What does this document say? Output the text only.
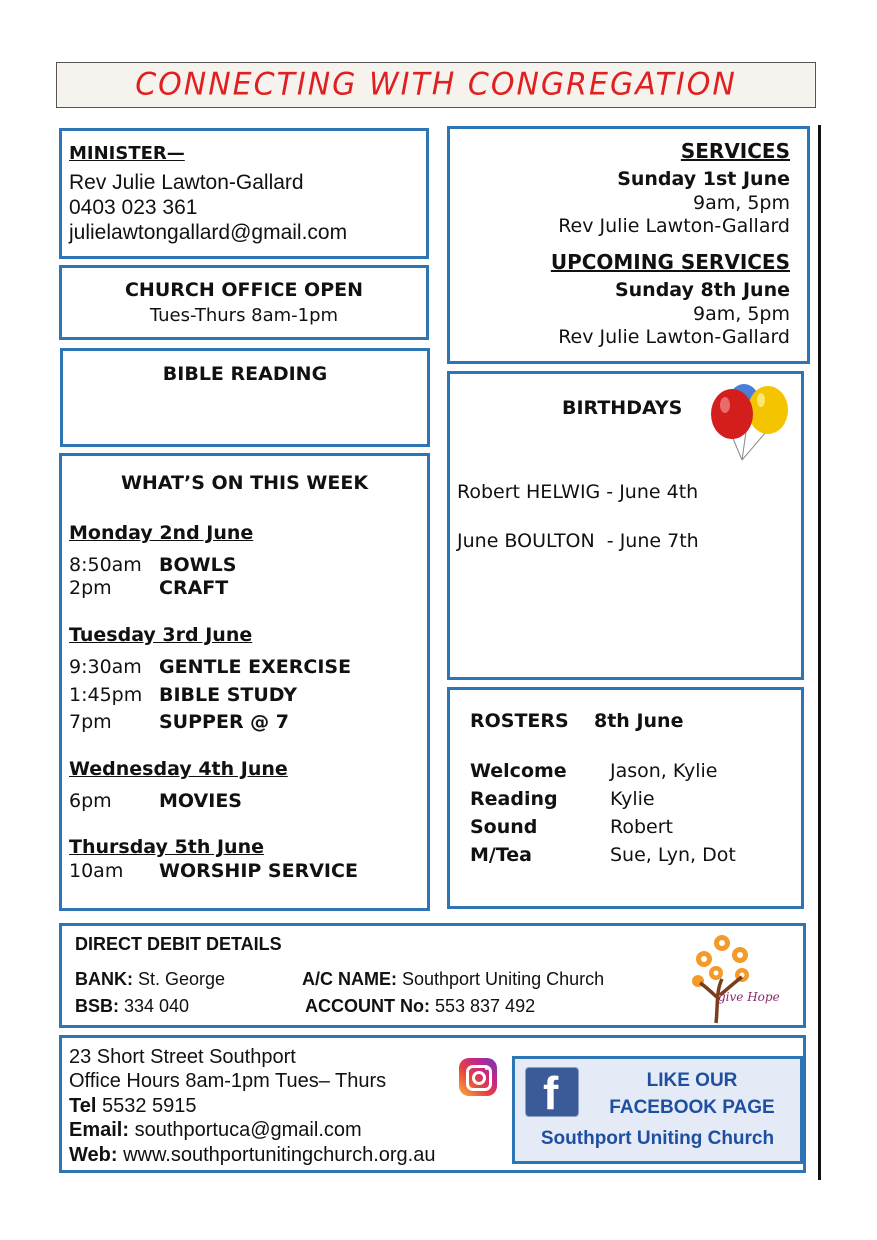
CONNECTING WITH CONGREGATION
MINISTER—
Rev Julie Lawton-Gallard
0403 023 361
julielawtongallard@gmail.com
CHURCH OFFICE OPEN
Tues-Thurs 8am-1pm
BIBLE READING
WHAT’S ON THIS WEEK
Monday 2nd June
8:50am BOWLS
2pm CRAFT
Tuesday 3rd June
9:30am GENTLE EXERCISE
1:45pm BIBLE STUDY
7pm SUPPER @ 7
Wednesday 4th June
6pm MOVIES
Thursday 5th June
10am WORSHIP SERVICE
SERVICES
Sunday 1st June
9am, 5pm
Rev Julie Lawton-Gallard
UPCOMING SERVICES
Sunday 8th June
9am, 5pm
Rev Julie Lawton-Gallard
BIRTHDAYS
Robert HELWIG - June 4th
June BOULTON  - June 7th
ROSTERS 8th June
Welcome Jason, Kylie
Reading	Kylie
Sound	Robert
M/Tea	Sue, Lyn, Dot
DIRECT DEBIT DETAILS
BANK: St. George	A/C NAME: Southport Uniting Church
BSB: 334 040	ACCOUNT No: 553 837 492	give Hope
23 Short Street Southport
Office Hours 8am-1pm Tues– Thurs
Tel 5532 5915
Email: southportuca@gmail.com
Web: www.southportunitingchurch.org.au
f	LIKE OUR
FACEBOOK PAGE
Southport Uniting Church
